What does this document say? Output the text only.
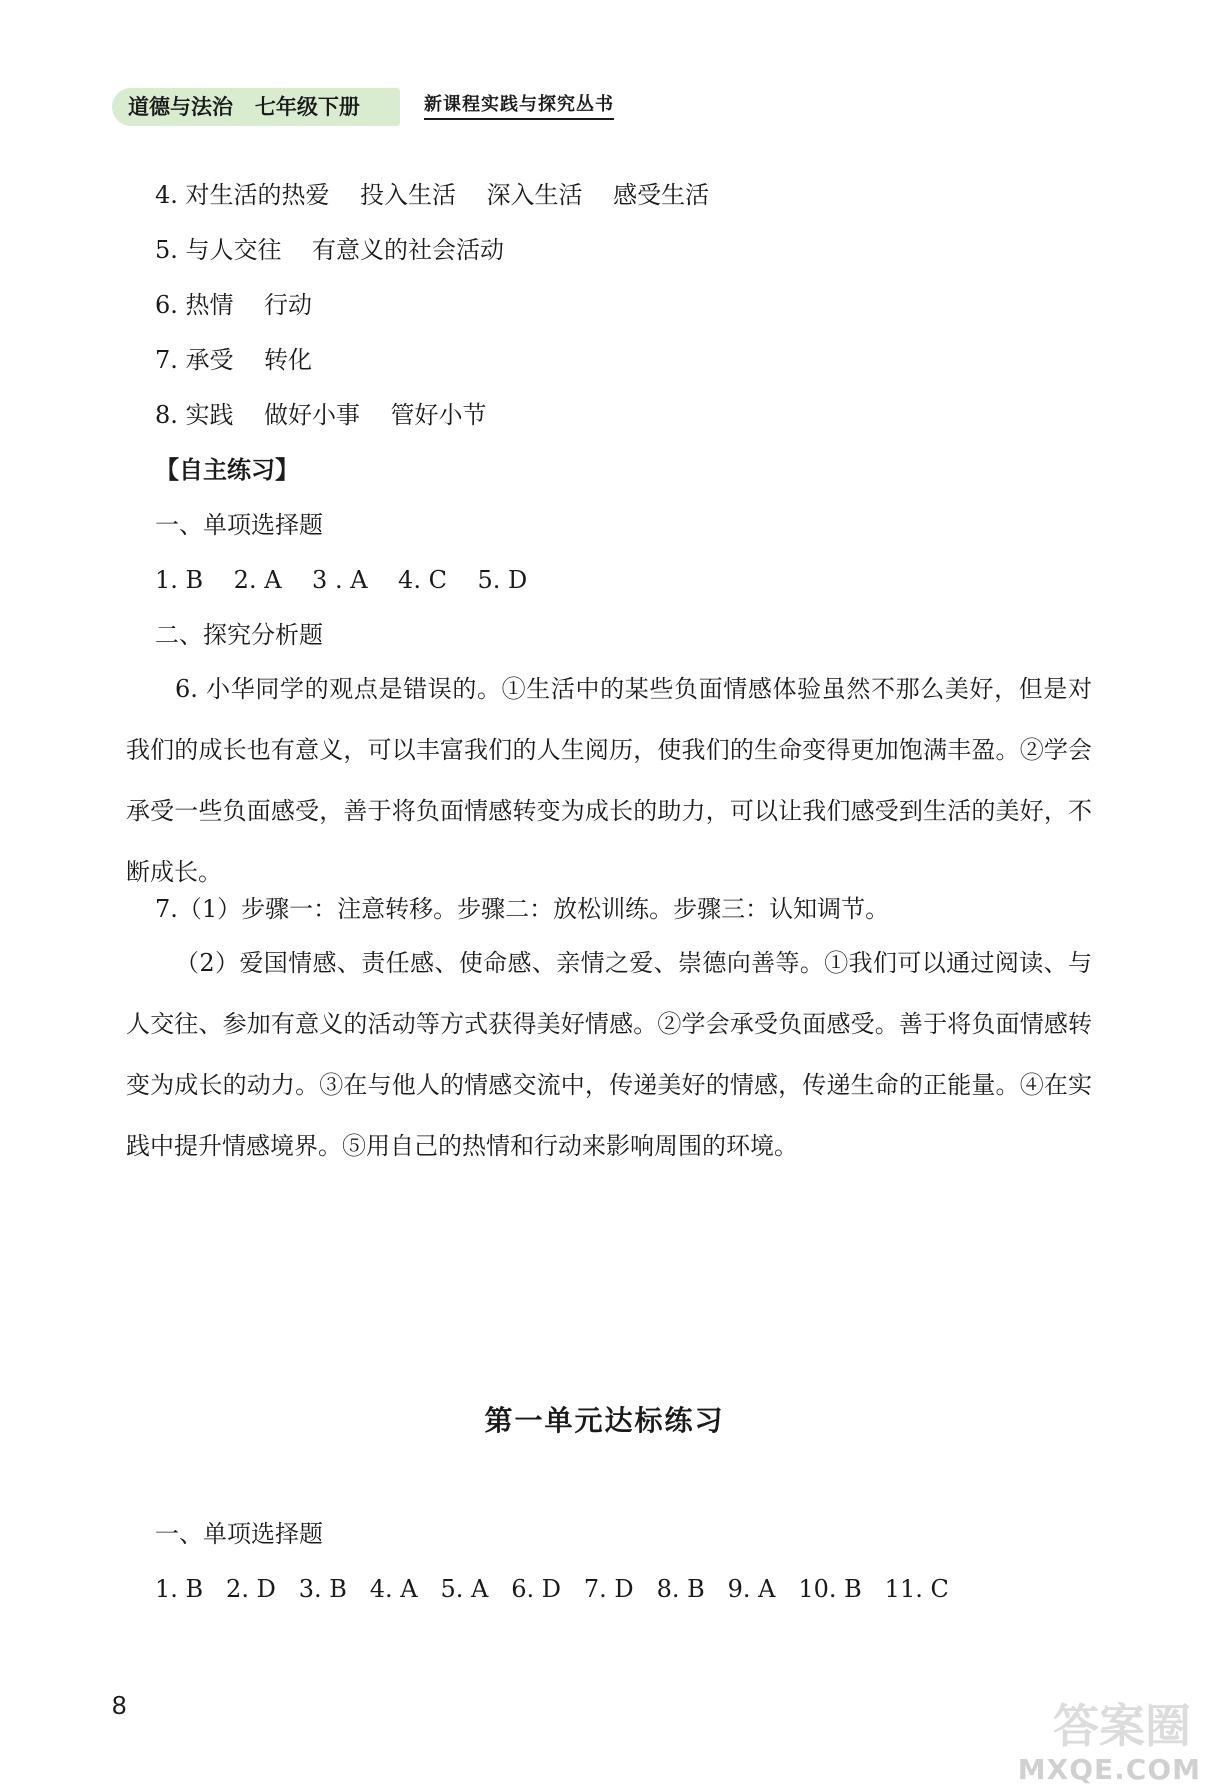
道德与法治   七年级下册	新课程实践与探究丛书
4. 对生活的热爱    投入生活    深入生活    感受生活
5. 与人交往    有意义的社会活动
6. 热情    行动
7. 承受    转化
8. 实践    做好小事    管好小节
【自主练习】
一、单项选择题
1. B    2. A    3 . A    4. C    5. D
二、探究分析题
6. 小华同学的观点是错误的。①生活中的某些负面情感体验虽然不那么美好，但是对我们的成长也有意义，可以丰富我们的人生阅历，使我们的生命变得更加饱满丰盈。②学会承受一些负面感受，善于将负面情感转变为成长的助力，可以让我们感受到生活的美好，不断成长。
7.（1）步骤一：注意转移。步骤二：放松训练。步骤三：认知调节。
（2）爱国情感、责任感、使命感、亲情之爱、崇德向善等。①我们可以通过阅读、与人交往、参加有意义的活动等方式获得美好情感。②学会承受负面感受。善于将负面情感转变为成长的动力。③在与他人的情感交流中，传递美好的情感，传递生命的正能量。④在实践中提升情感境界。⑤用自己的热情和行动来影响周围的环境。
第一单元达标练习
一、单项选择题
1. B   2. D   3. B   4. A   5. A   6. D   7. D   8. B   9. A   10. B   11. C
8	答案圈
MXQE.COM
